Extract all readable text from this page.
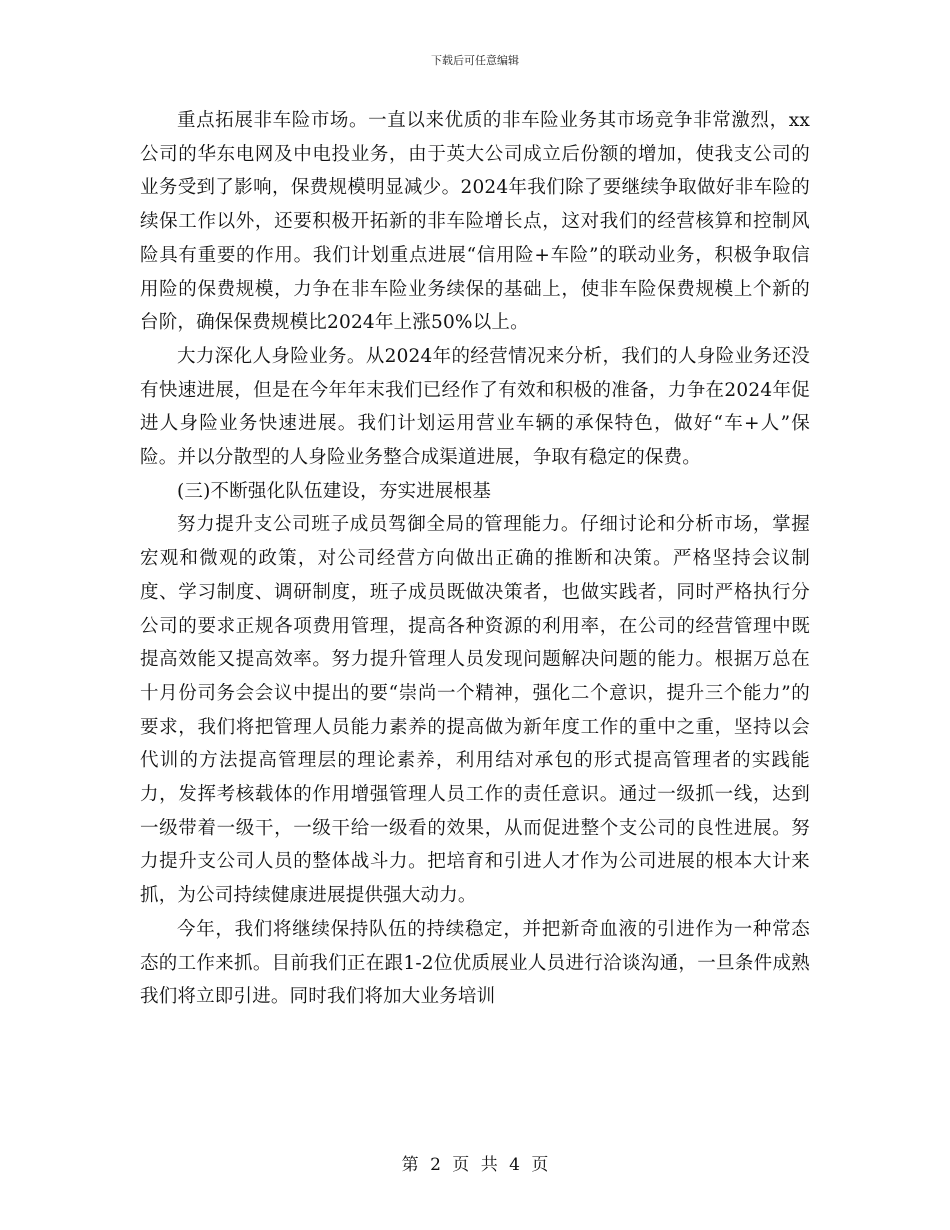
下载后可任意编辑

重点拓展非车险市场。一直以来优质的非车险业务其市场竞争非常激烈，xx公司的华东电网及中电投业务，由于英大公司成立后份额的增加，使我支公司的业务受到了影响，保费规模明显减少。2024年我们除了要继续争取做好非车险的续保工作以外，还要积极开拓新的非车险增长点，这对我们的经营核算和控制风险具有重要的作用。我们计划重点进展“信用险+车险”的联动业务，积极争取信用险的保费规模，力争在非车险业务续保的基础上，使非车险保费规模上个新的台阶，确保保费规模比2024年上涨50%以上。

大力深化人身险业务。从2024年的经营情况来分析，我们的人身险业务还没有快速进展，但是在今年年末我们已经作了有效和积极的准备，力争在2024年促进人身险业务快速进展。我们计划运用营业车辆的承保特色，做好“车+人”保险。并以分散型的人身险业务整合成渠道进展，争取有稳定的保费。

(三)不断强化队伍建设，夯实进展根基

努力提升支公司班子成员驾御全局的管理能力。仔细讨论和分析市场，掌握宏观和微观的政策，对公司经营方向做出正确的推断和决策。严格坚持会议制度、学习制度、调研制度，班子成员既做决策者，也做实践者，同时严格执行分公司的要求正规各项费用管理，提高各种资源的利用率，在公司的经营管理中既提高效能又提高效率。努力提升管理人员发现问题解决问题的能力。根据万总在十月份司务会会议中提出的要“崇尚一个精神，强化二个意识，提升三个能力”的要求，我们将把管理人员能力素养的提高做为新年度工作的重中之重，坚持以会代训的方法提高管理层的理论素养，利用结对承包的形式提高管理者的实践能力，发挥考核载体的作用增强管理人员工作的责任意识。通过一级抓一线，达到一级带着一级干，一级干给一级看的效果，从而促进整个支公司的良性进展。努力提升支公司人员的整体战斗力。把培育和引进人才作为公司进展的根本大计来抓，为公司持续健康进展提供强大动力。

今年，我们将继续保持队伍的持续稳定，并把新奇血液的引进作为一种常态态的工作来抓。目前我们正在跟1-2位优质展业人员进行洽谈沟通，一旦条件成熟我们将立即引进。同时我们将加大业务培训

第 2 页 共 4 页
